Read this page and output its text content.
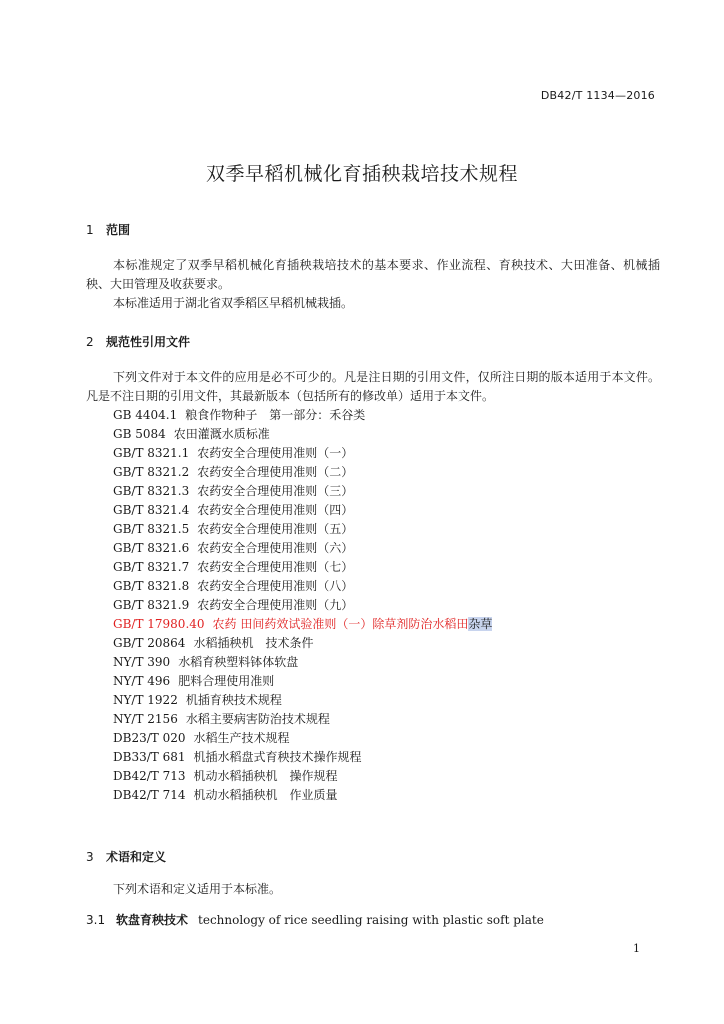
DB42/T 1134—2016
双季早稻机械化育插秧栽培技术规程
1 范围
本标准规定了双季早稻机械化育插秧栽培技术的基本要求、作业流程、育秧技术、大田准备、机械插秧、大田管理及收获要求。
本标准适用于湖北省双季稻区早稻机械栽插。
2 规范性引用文件
下列文件对于本文件的应用是必不可少的。凡是注日期的引用文件，仅所注日期的版本适用于本文件。凡是不注日期的引用文件，其最新版本（包括所有的修改单）适用于本文件。
GB 4404.1 粮食作物种子　第一部分：禾谷类
GB 5084 农田灌溉水质标准
GB/T 8321.1 农药安全合理使用准则（一）
GB/T 8321.2 农药安全合理使用准则（二）
GB/T 8321.3 农药安全合理使用准则（三）
GB/T 8321.4 农药安全合理使用准则（四）
GB/T 8321.5 农药安全合理使用准则（五）
GB/T 8321.6 农药安全合理使用准则（六）
GB/T 8321.7 农药安全合理使用准则（七）
GB/T 8321.8 农药安全合理使用准则（八）
GB/T 8321.9 农药安全合理使用准则（九）
GB/T 17980.40 农药 田间药效试验准则（一）除草剂防治水稻田杂草
GB/T 20864 水稻插秧机　技术条件
NY/T 390 水稻育秧塑料钵体软盘
NY/T 496 肥料合理使用准则
NY/T 1922 机插育秧技术规程
NY/T 2156 水稻主要病害防治技术规程
DB23/T 020 水稻生产技术规程
DB33/T 681 机插水稻盘式育秧技术操作规程
DB42/T 713 机动水稻插秧机　操作规程
DB42/T 714 机动水稻插秧机　作业质量
3 术语和定义
下列术语和定义适用于本标准。
3.1 软盘育秧技术 technology of rice seedling raising with plastic soft plate
1
